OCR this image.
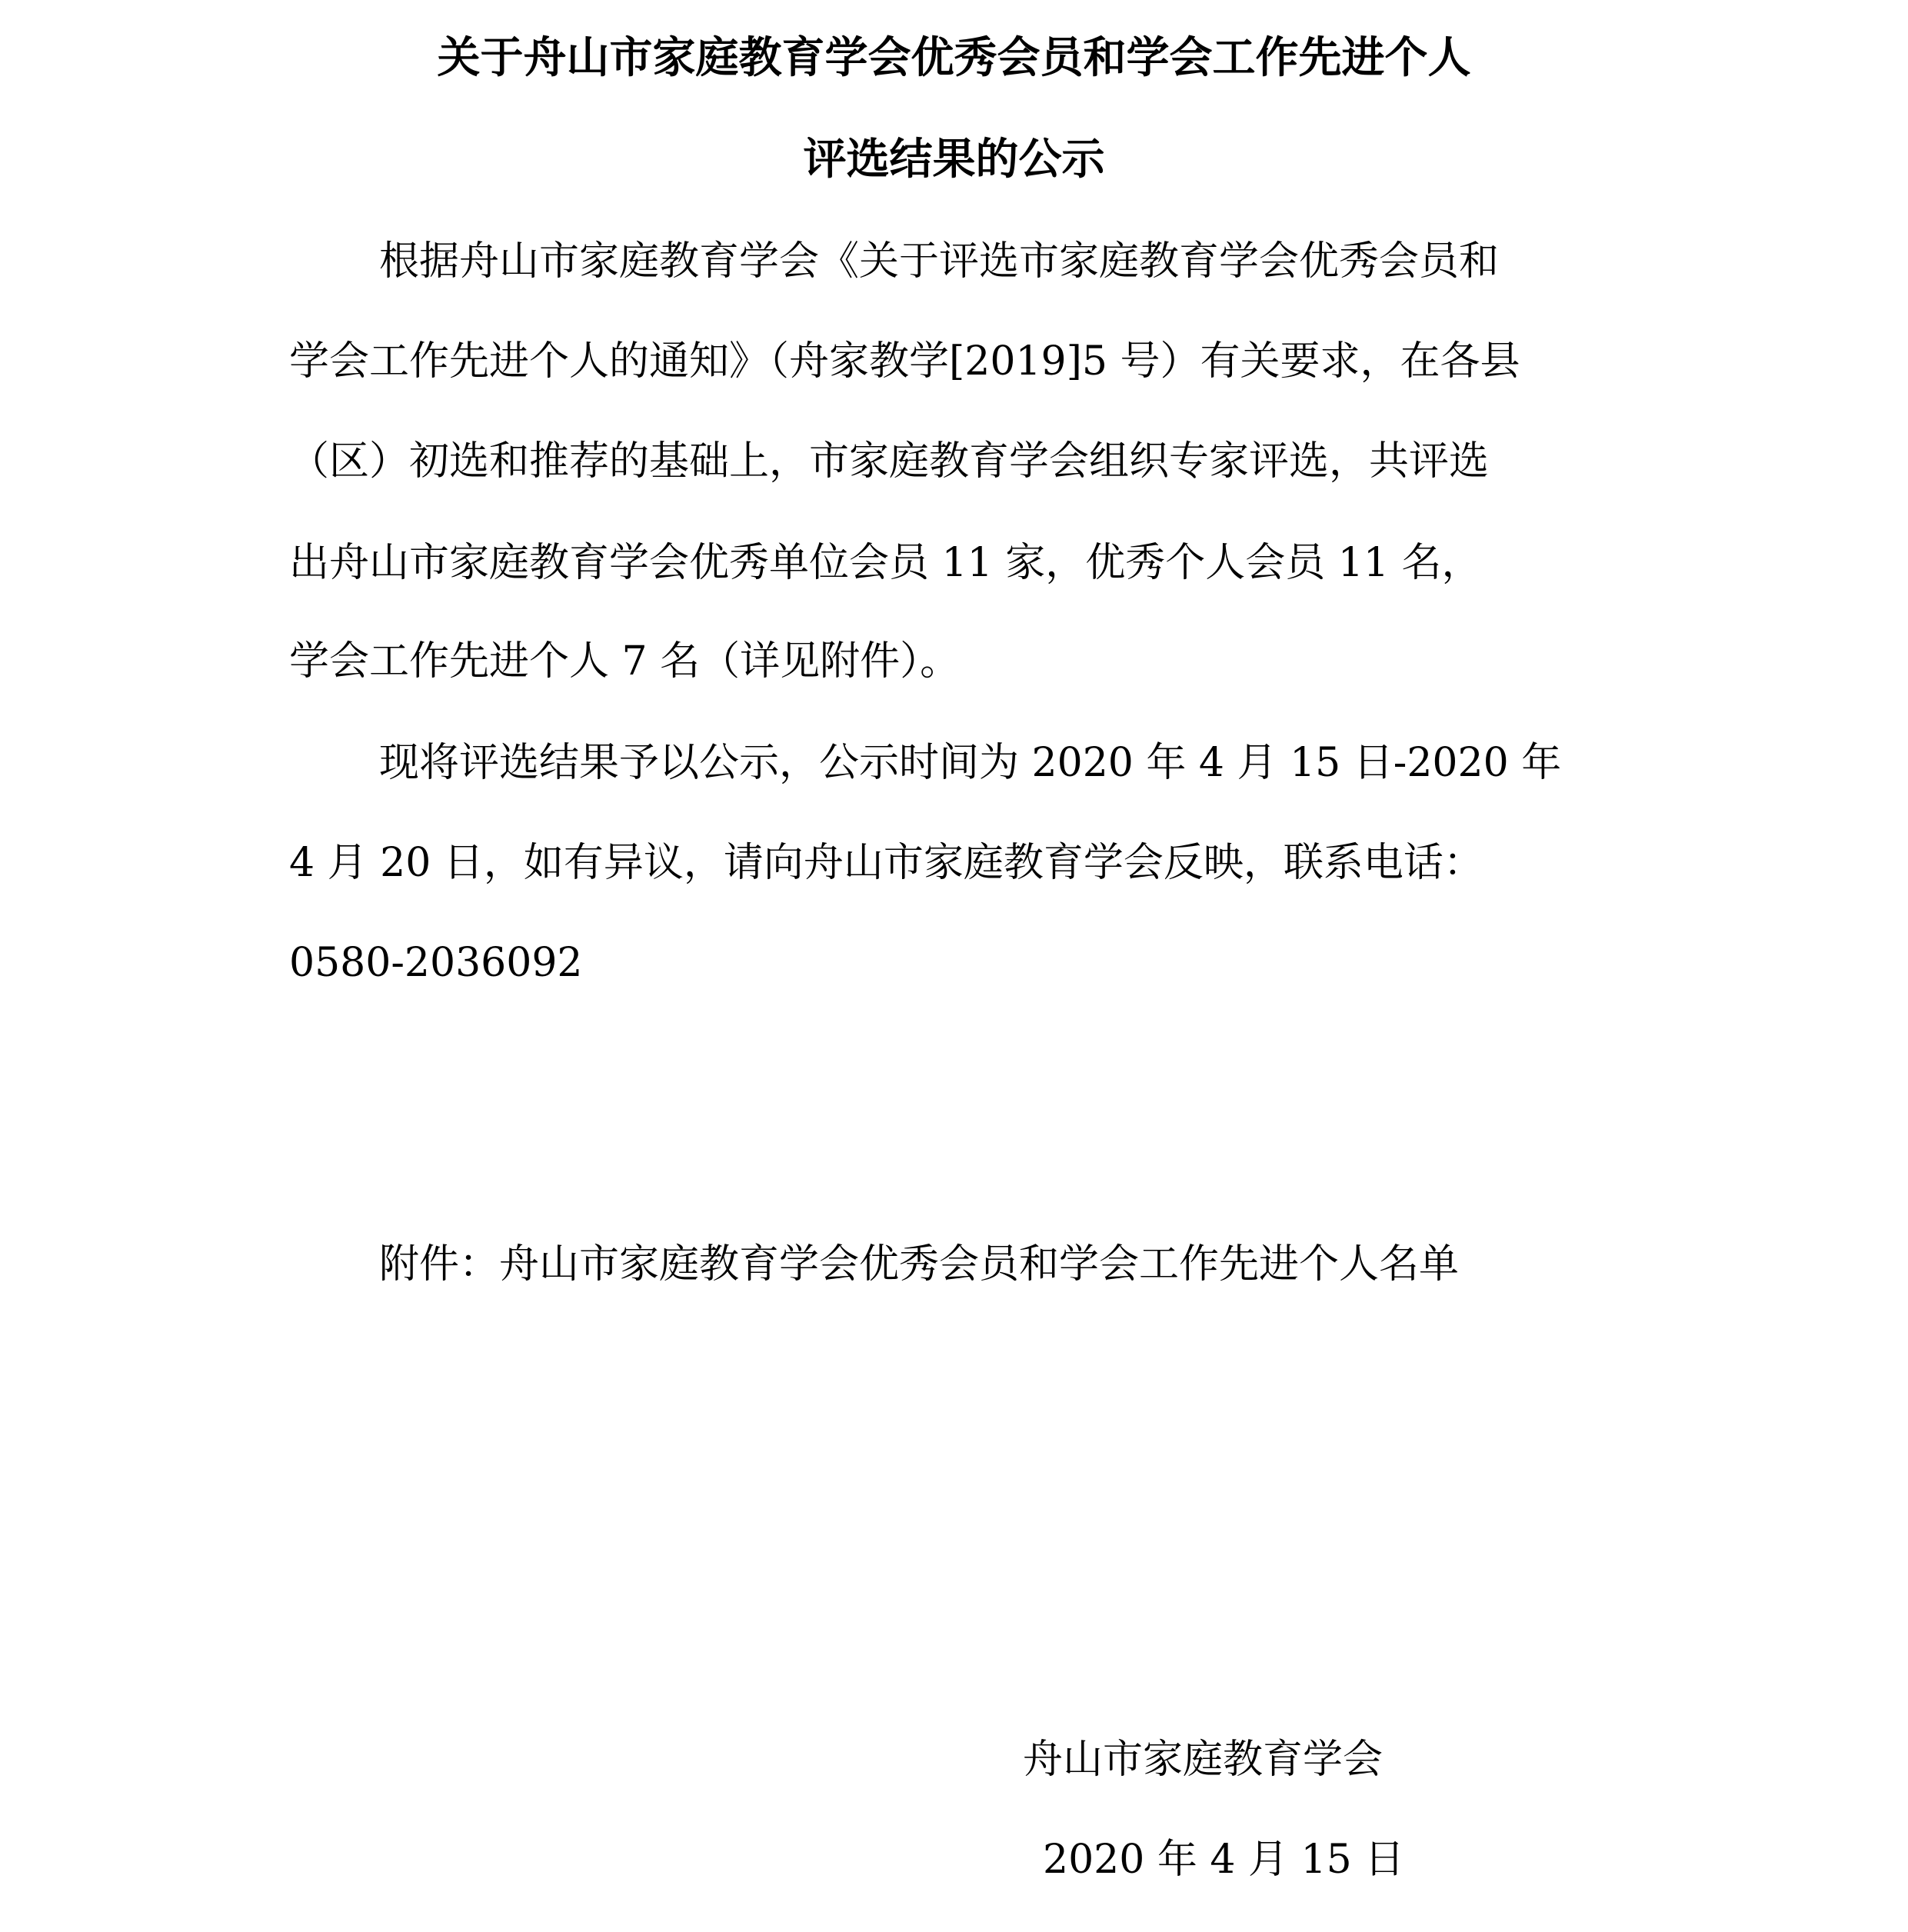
关于舟山市家庭教育学会优秀会员和学会工作先进个人
评选结果的公示
根据舟山市家庭教育学会《关于评选市家庭教育学会优秀会员和
学会工作先进个人的通知》（舟家教学[2019]5 号）有关要求，在各县
（区）初选和推荐的基础上，市家庭教育学会组织专家评选，共评选
出舟山市家庭教育学会优秀单位会员 11 家，优秀个人会员 11 名，
学会工作先进个人 7 名（详见附件）。
现将评选结果予以公示，公示时间为 2020 年 4 月 15 日-2020 年
4 月 20 日，如有异议，请向舟山市家庭教育学会反映，联系电话：
0580-2036092
附件：舟山市家庭教育学会优秀会员和学会工作先进个人名单
舟山市家庭教育学会
2020 年 4 月 15 日
